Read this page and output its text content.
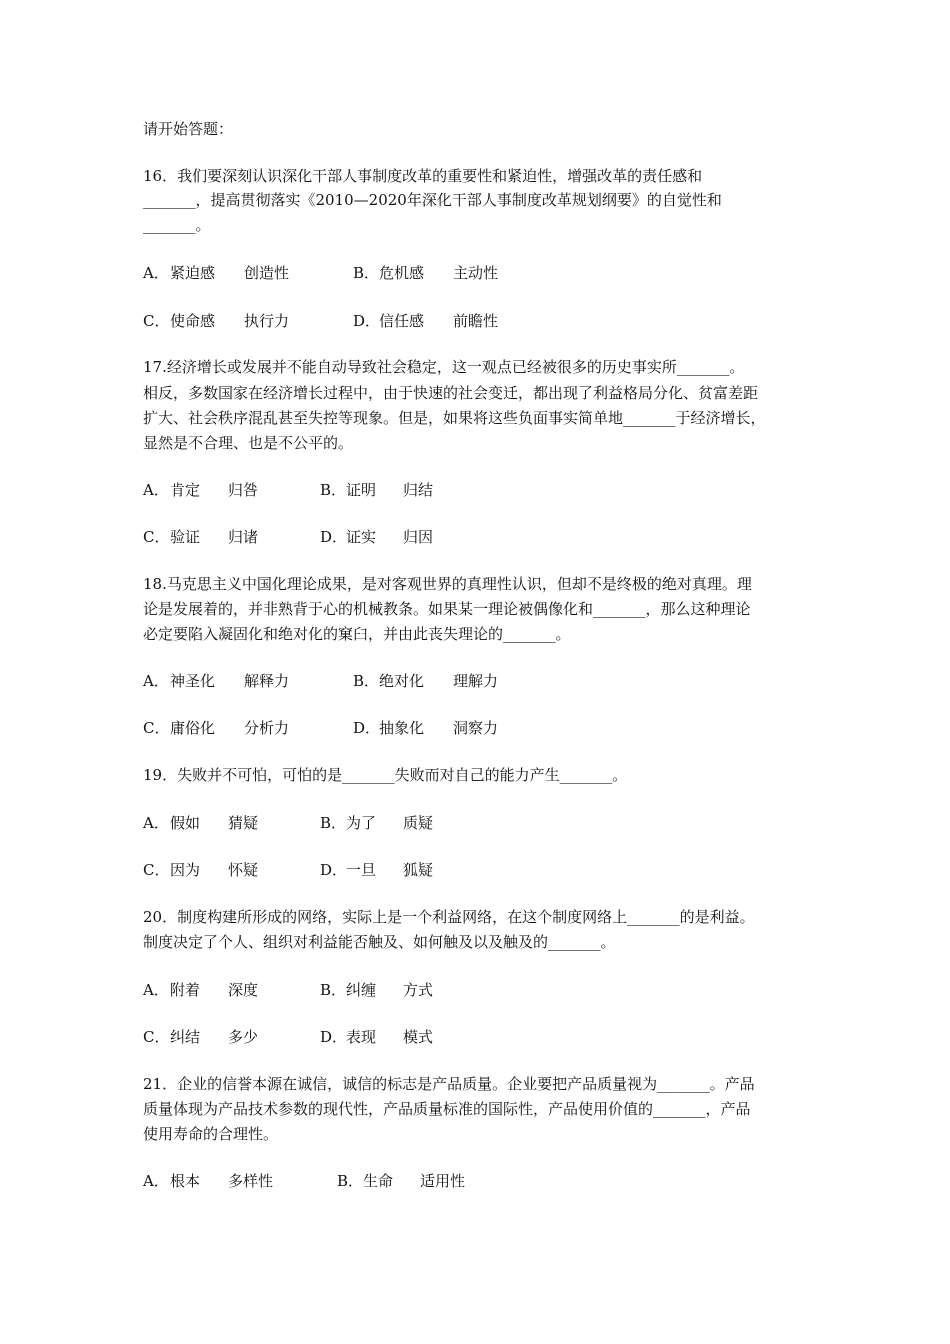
请开始答题：
16．我们要深刻认识深化干部人事制度改革的重要性和紧迫性，增强改革的责任感和
_______，提高贯彻落实《2010—2020年深化干部人事制度改革规划纲要》的自觉性和
_______。
A． 紧迫感 创造性	B． 危机感 主动性
C． 使命感 执行力	D．
信任感 前瞻性
17.经济增长或发展并不能自动导致社会稳定，这一观点已经被很多的历史事实所_______。
相反，多数国家在经济增长过程中，由于快速的社会变迁，都出现了利益格局分化、贫富差距
扩大、社会秩序混乱甚至失控等现象。但是，如果将这些负面事实简单地_______于经济增长，
显然是不合理、也是不公平的。
A． 肯定 归咎	B． 证明 归结
C． 验证 归诸	D．
证实 归因
18.马克思主义中国化理论成果，是对客观世界的真理性认识，但却不是终极的绝对真理。理
论是发展着的，并非熟背于心的机械教条。如果某一理论被偶像化和_______，那么这种理论
必定要陷入凝固化和绝对化的窠臼，并由此丧失理论的_______。
A． 神圣化 解释力	B． 绝对化 理解力
C． 庸俗化 分析力	D．
抽象化 洞察力
19．失败并不可怕，可怕的是_______失败而对自己的能力产生_______。
A． 假如 猜疑	B． 为了 质疑
C． 因为 怀疑	D．
一旦 狐疑
20．制度构建所形成的网络，实际上是一个利益网络，在这个制度网络上_______的是利益。
制度决定了个人、组织对利益能否触及、如何触及以及触及的_______。
A． 附着 深度	B． 纠缠 方式
C． 纠结 多少	D．
表现 模式
21．企业的信誉本源在诚信，诚信的标志是产品质量。企业要把产品质量视为_______。产品
质量体现为产品技术参数的现代性，产品质量标准的国际性，产品使用价值的_______，产品
使用寿命的合理性。
A． 根本 多样性	B． 生命 适用性
